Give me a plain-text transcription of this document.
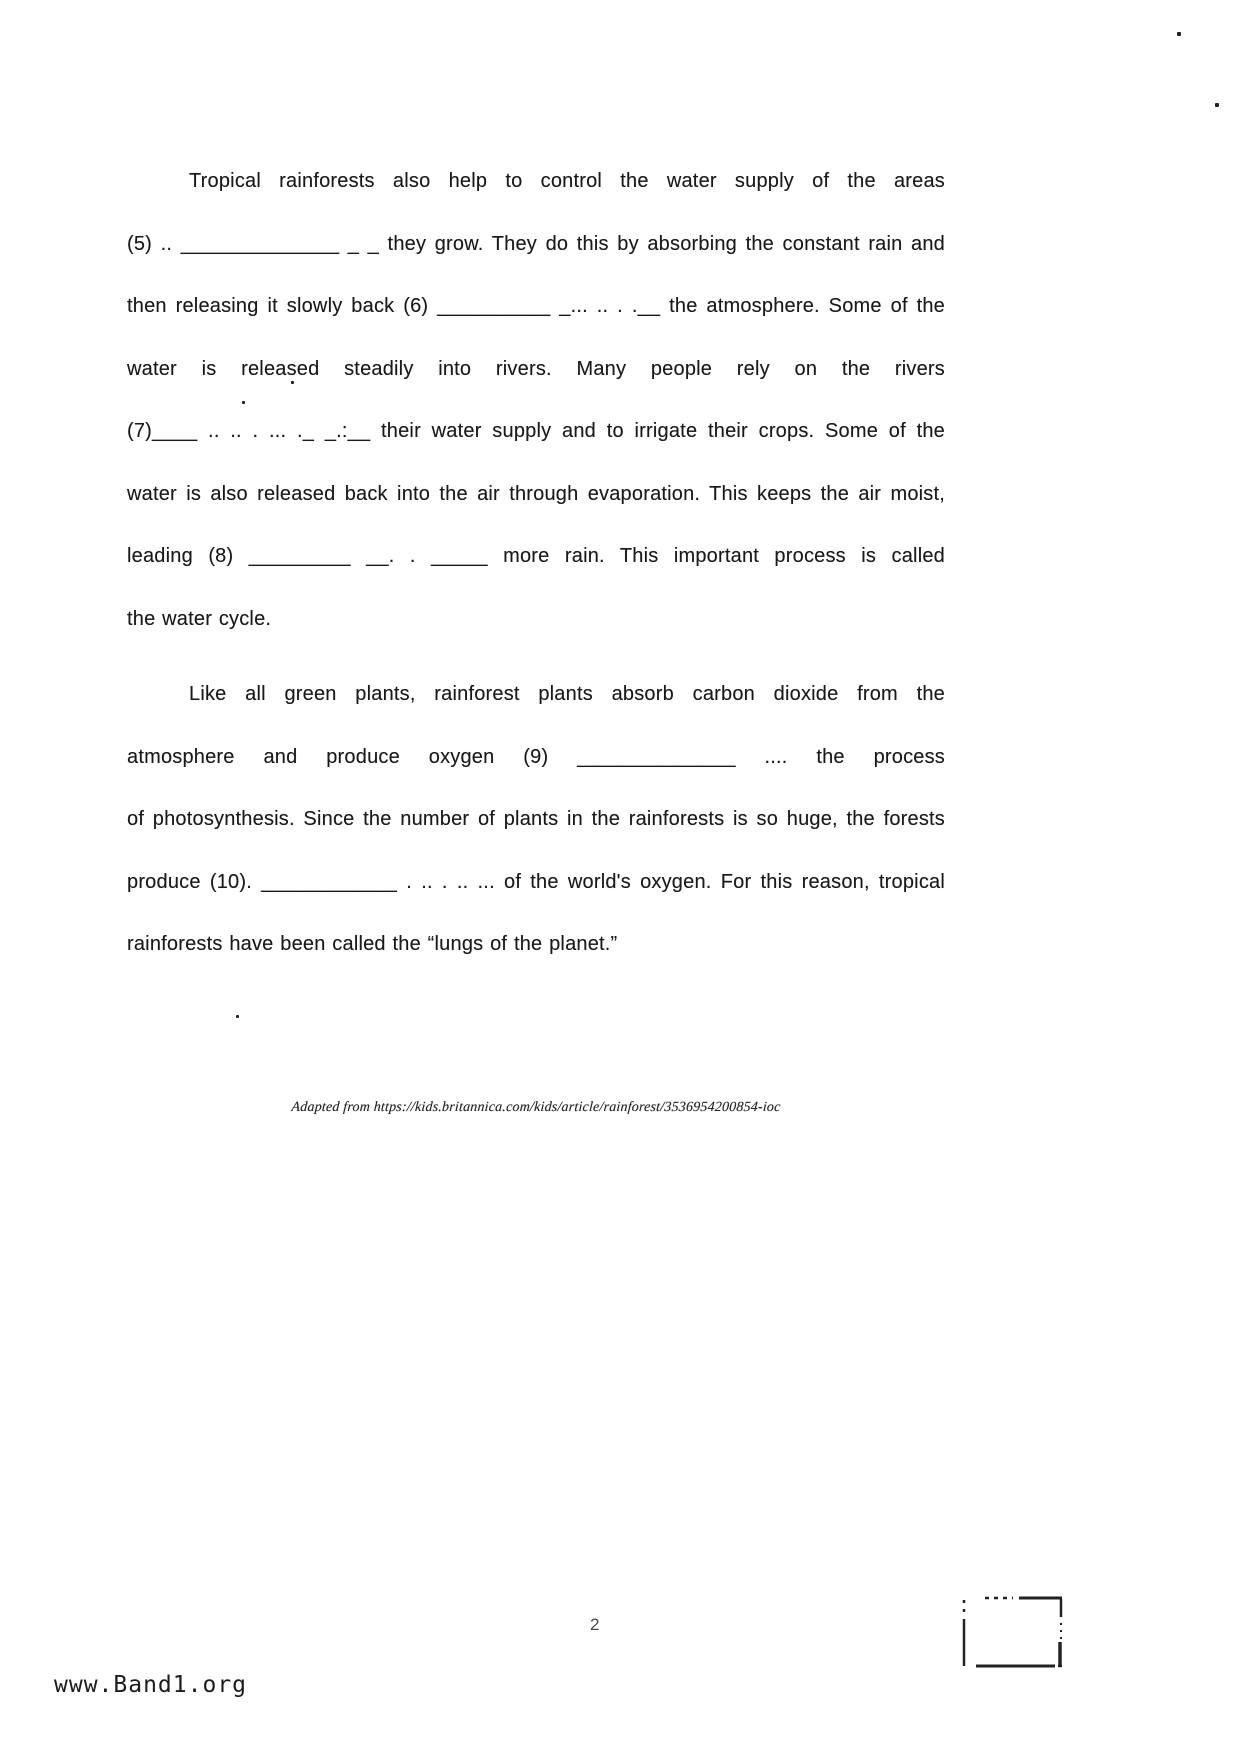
Tropical rainforests also help to control the water supply of the areas
(5) .. ______________ _ _ they grow. They do this by absorbing the constant rain and
then releasing it slowly back (6) __________ _... .. . .__ the atmosphere. Some of the
water is released steadily into rivers. Many people rely on the rivers
(7)____ .. .. . ... ._ _.:__ their water supply and to irrigate their crops. Some of the
water is also released back into the air through evaporation. This keeps the air moist,
leading (8) _________ __. . _____ more rain. This important process is called
the water cycle.
Like all green plants, rainforest plants absorb carbon dioxide from the
atmosphere and produce oxygen (9) ______________ .... the process
of photosynthesis. Since the number of plants in the rainforests is so huge, the forests
produce (10). ____________ . .. . .. ... of the world's oxygen. For this reason, tropical
rainforests have been called the “lungs of the planet.”
Adapted from https://kids.britannica.com/kids/article/rainforest/3536954200854-ioc
2
www.Band1.org
